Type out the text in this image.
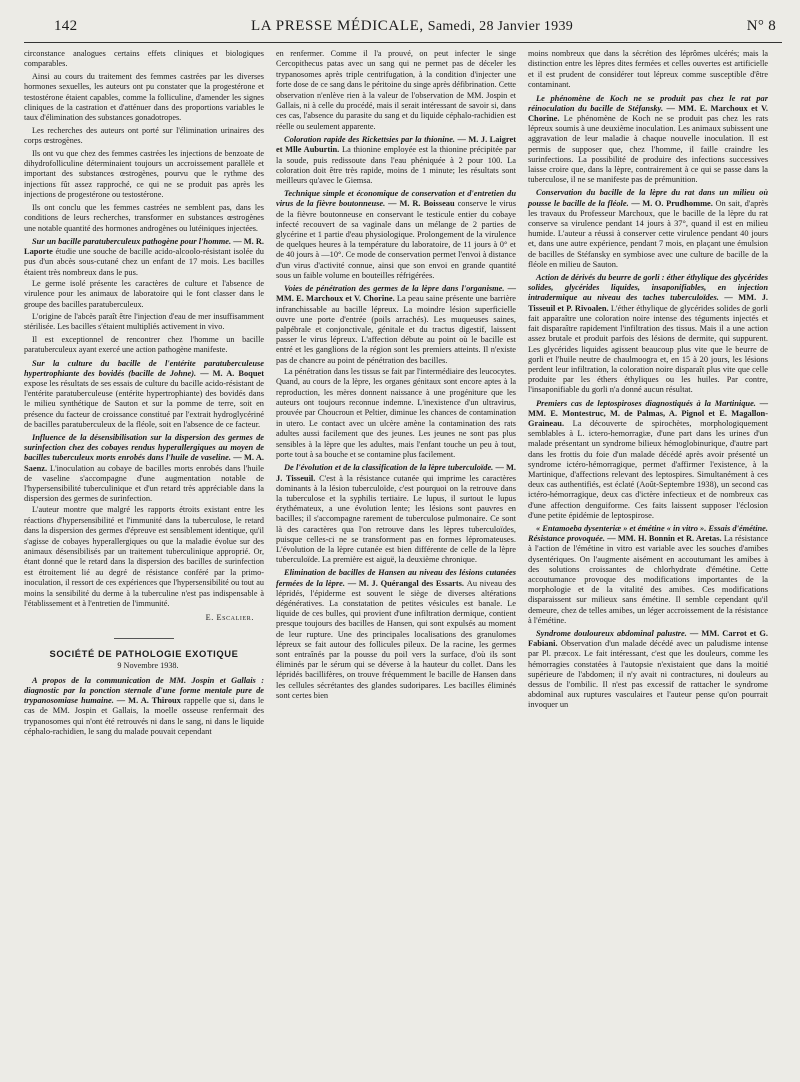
142	LA PRESSE MÉDICALE, Samedi, 28 Janvier 1939	N° 8

circonstance analogues certains effets cliniques et biologiques comparables.

Ainsi au cours du traitement des femmes castrées par les diverses hormones sexuelles, les auteurs ont pu constater que la progestérone et testostérone étaient capables, comme la folliculine, d'amender les signes cliniques de la castration et d'atténuer dans des proportions variables le taux d'élimination des substances gonadotropes.

Les recherches des auteurs ont porté sur l'élimination urinaires des corps œstrogènes.

Ils ont vu que chez des femmes castrées les injections de benzoate de dihydrofolliculine déterminaient toujours un accroissement parallèle et important des substances œstrogènes, pourvu que le rythme des injections fût assez rapproché, ce qui ne se produit pas après les injections de progestérone ou testostérone.

Ils ont conclu que les femmes castrées ne semblent pas, dans les conditions de leurs recherches, transformer en substances œstrogènes une notable quantité des hormones androgènes ou lutéiniques injectées.

Sur un bacille paratuberculeux pathogène pour l'homme. — M. R. Laporte étudie une souche de bacille acido-alcoolo-résistant isolée du pus d'un abcès sous-cutané chez un enfant de 17 mois. Les bacilles étaient très nombreux dans le pus.

Le germe isolé présente les caractères de culture et l'absence de virulence pour les animaux de laboratoire qui le font classer dans le groupe des bacilles paratuberculeux.

L'origine de l'abcès paraît être l'injection d'eau de mer insuffisamment stérilisée. Les bacilles s'étaient multipliés activement in vivo.

Il est exceptionnel de rencontrer chez l'homme un bacille paratuberculeux ayant exercé une action pathogène manifeste.

Sur la culture du bacille de l'entérite paratuberculeuse hypertrophiante des bovidés (bacille de Johne). — M. A. Boquet expose les résultats de ses essais de culture du bacille acido-résistant de l'entérite paratuberculeuse (entérite hypertrophiante) des bovidés dans le milieu synthétique de Sauton et sur la pomme de terre, soit en présence du facteur de croissance constitué par l'extrait hydroglycériné de bacilles paratuberculeux de la fléole, soit en l'absence de ce facteur.
Influence de la désensibilisation sur la dispersion des germes de surinfection chez des cobayes rendus hyperallergiques au moyen de bacilles tuberculeux morts enrobés dans l'huile de vaseline. — M. A. Saenz. L'inoculation au cobaye de bacilles morts enrobés dans l'huile de vaseline s'accompagne d'une augmentation notable de l'hypersensibilité tuberculinique et d'un retard très appréciable dans la dispersion des germes de surinfection.

L'auteur montre que malgré les rapports étroits existant entre les réactions d'hypersensibilité et l'immunité dans la tuberculose, le retard dans la dispersion des germes d'épreuve est sensiblement identique, qu'il s'agisse de cobayes hyperallergiques ou que la maladie évolue sur des animaux désensibilisés par un traitement tuberculinique approprié. Or, étant donné que le retard dans la dispersion des bacilles de surinfection est étroitement lié au degré de résistance conféré par la primo-inoculation, il ressort de ces expériences que l'hypersensibilité ou tout au moins la sensibilité du derme à la tuberculine n'est pas indispensable à l'établissement et à l'entretien de l'immunité.

E. Escalier.

SOCIÉTÉ DE PATHOLOGIE EXOTIQUE

9 Novembre 1938.

A propos de la communication de MM. Jospin et Gallais : diagnostic par la ponction sternale d'une forme mentale pure de trypanosomiase humaine. — M. A. Thiroux rappelle que si, dans le cas de MM. Jospin et Gallais, la moelle osseuse renfermait des trypanosomes qui n'ont été retrouvés ni dans le sang, ni dans le liquide céphalo-rachidien, le sang du malade pouvait cependant

en renfermer. Comme il l'a prouvé, on peut infecter le singe Cercopithecus patas avec un sang qui ne permet pas de déceler les trypanosomes après triple centrifugation, à la condition d'injecter une forte dose de ce sang dans le péritoine du singe après défibrination. Cette observation n'enlève rien à la valeur de l'observation de MM. Jospin et Gallais, ni à celle du procédé, mais il serait intéressant de savoir si, dans ces cas, l'absence du parasite du sang et du liquide céphalo-rachidien est réelle ou seulement apparente.

Coloration rapide des Rickettsies par la thionine. — M. J. Laigret et Mlle Auburtin. La thionine employée est la thionine précipitée par la soude, puis redissoute dans l'eau phéniquée à 2 pour 100. La coloration doit être très rapide, moins de 1 minute; les résultats sont meilleurs qu'avec le Giemsa.
Technique simple et économique de conservation et d'entretien du virus de la fièvre boutonneuse. — M. R. Boisseau conserve le virus de la fièvre boutonneuse en conservant le testicule entier du cobaye infecté recouvert de sa vaginale dans un mélange de 2 parties de glycérine et 1 partie d'eau physiologique. Prolongement de la virulence de quelques heures à la température du laboratoire, de 11 jours à 0° et de 40 jours à —10°. Ce mode de conservation permet l'envoi à distance d'un virus d'activité connue, ainsi que son envoi en grande quantité sous un faible volume en bouteilles réfrigérées.
Voies de pénétration des germes de la lèpre dans l'organisme. — MM. E. Marchoux et V. Chorine. La peau saine présente une barrière infranchissable au bacille lépreux. La moindre lésion superficielle ouvre une porte d'entrée (poils arrachés). Les muqueuses saines, palpébrale et conjonctivale, génitale et du tractus digestif, laissent passer le virus lépreux. L'affection débute au point où le bacille est entré et les ganglions de la région sont les premiers atteints. Il n'existe pas de chancre au point de pénétration des bacilles.

La pénétration dans les tissus se fait par l'intermédiaire des leucocytes. Quand, au cours de la lèpre, les organes génitaux sont encore aptes à la reproduction, les mères donnent naissance à une progéniture que les auteurs ont toujours reconnue indemne. L'inexistence d'un ultravirus, prouvée par Choucroun et Peltier, diminue les chances de contamination in utero. Le contact avec un ulcère amène la contamination des rats adultes aussi facilement que des jeunes. Les jeunes ne sont pas plus sensibles à la lèpre que les adultes, mais l'enfant touche un peu à tout, porte tout à sa bouche et se contamine plus facilement.

De l'évolution et de la classification de la lèpre tuberculoïde. — M. J. Tisseuil. C'est à la résistance cutanée qui imprime les caractères dominants à la lésion tuberculoïde, c'est pourquoi on la retrouve dans la tuberculose et la syphilis tertiaire. Le lupus, il surtout le lupus érythémateux, a une évolution lente; les lésions sont pauvres en bacilles; il s'accompagne rarement de tuberculose pulmonaire. Ce sont là des caractères qua l'on retrouve dans les lèpres tuberculoïdes, puisque celles-ci ne se transforment pas en formes lépromateuses. L'évolution de la lèpre cutanée est bien différente de celle de la lèpre tuberculoïde. La première est aiguë, la deuxième chronique.
Elimination de bacilles de Hansen au niveau des lésions cutanées fermées de la lèpre. — M. J. Quérangal des Essarts. Au niveau des lépridés, l'épiderme est souvent le siège de diverses altérations dégénératives. La constatation de petites vésicules est banale. Le liquide de ces bulles, qui provient d'une infiltration dermique, contient presque toujours des bacilles de Hansen, qui sont expulsés au moment de leur rupture. Une des principales localisations des granulomes lépreux se fait autour des follicules pileux. De la racine, les germes sont entraînés par la pousse du poil vers la surface, d'où ils sont éliminés par le sérum qui se déverse à la hauteur du collet. Dans les lépridés bacillifères, on trouve fréquemment le bacille de Hansen dans les cellules sécrétantes des glandes sudoripares. Les bacilles éliminés sont certes bien

moins nombreux que dans la sécrétion des léprômes ulcérés; mais la distinction entre les lèpres dites fermées et celles ouvertes est artificielle et il est prudent de considérer tout lépreux comme susceptible d'être contaminant.

Le phénomène de Koch ne se produit pas chez le rat par réinoculation du bacille de Stéfansky. — MM. E. Marchoux et V. Chorine. Le phénomène de Koch ne se produit pas chez les rats lépreux soumis à une deuxième inoculation. Les animaux subissent une aggravation de leur maladie à chaque nouvelle inoculation. Il est permis de supposer que, chez l'homme, il faille craindre les surinfections. La possibilité de produire des infections successives laisse croire que, dans la lèpre, contrairement à ce qui se passe dans la tuberculose, il ne se manifeste pas de prémunition.
Conservation du bacille de la lèpre du rat dans un milieu où pousse le bacille de la fléole. — M. O. Prudhomme. On sait, d'après les travaux du Professeur Marchoux, que le bacille de la lèpre du rat conserve sa virulence pendant 14 jours à 37°, quand il est en milieu humide. L'auteur a réussi à conserver cette virulence pendant 40 jours et, dans une autre expérience, pendant 7 mois, en plaçant une émulsion de bacilles de Stéfansky en symbiose avec une culture de bacille de la fléole en milieu de Sauton.
Action de dérivés du beurre de gorli : éther éthylique des glycérides solides, glycérides liquides, insaponifiables, en injection intradermique au niveau des taches tuberculoïdes. — MM. J. Tisseuil et P. Rivoalen. L'éther éthylique de glycérides solides de gorli fait apparaître une coloration noire intense des téguments injectés et fait disparaître rapidement l'infiltration des tissus. Mais il a une action assez brutale et produit parfois des lésions de dermite, qui suppurent. Les glycérides liquides agissent beaucoup plus vite que le beurre de gorli et l'huile neutre de chaulmoogra et, en 15 à 20 jours, les lésions perdent leur infiltration, la coloration noire disparaît plus vite que celle produite par les éthers éthyliques ou les huiles. Par contre, l'insaponifiable du gorli n'a donné aucun résultat.
Premiers cas de leptospiroses diagnostiqués à la Martinique. — MM. E. Montestruc, M. de Palmas, A. Pignol et E. Magallon-Graineau. La découverte de spirochètes, morphologiquement semblables à L. ictero-hemorragiæ, d'une part dans les urines d'un malade présentant un syndrome bilieux hémoglobinurique, d'autre part dans les frottis du foie d'un malade décédé après avoir présenté un syndrome ictéro-hémorragique, permet d'affirmer l'existence, à la Martinique, d'affections relevant des leptospires. Simultanément à ces deux cas authentifiés, est éclaté (Août-Septembre 1938), un second cas ictéro-hémorragique, deux cas d'ictère infectieux et de nombreux cas d'une affection denguiforme. Ces faits laissent supposer l'éclosion d'une petite épidémie de leptospirose.
« Entamoeba dysenteriæ » et émétine « in vitro ». Essais d'émétine. Résistance provoquée. — MM. H. Bonnin et R. Aretas. La résistance à l'action de l'émétine in vitro est variable avec les souches d'amibes dysentériques. On l'augmente aisément en accoutumant les amibes à des solutions croissantes de chlorhydrate d'émétine. Cette accoutumance provoque des modifications importantes de la morphologie et de la vitalité des amibes. Ces modifications disparaissent sur milieux sans émétine. Il semble cependant qu'il demeure, chez de telles amibes, un léger accroissement de la résistance à l'émétine.
Syndrome douloureux abdominal palustre. — MM. Carrot et G. Fabiani. Observation d'un malade décédé avec un paludisme intense par Pl. præcox. Le fait intéressant, c'est que les douleurs, comme les hémorragies constatées à l'autopsie n'existaient que dans la moitié supérieure de l'abdomen; il n'y avait ni contractures, ni douleurs au dessus de l'ombilic. Il n'est pas excessif de rattacher le syndrome abdominal aux ruptures vasculaires et l'auteur pense qu'on pourrait invoquer un
